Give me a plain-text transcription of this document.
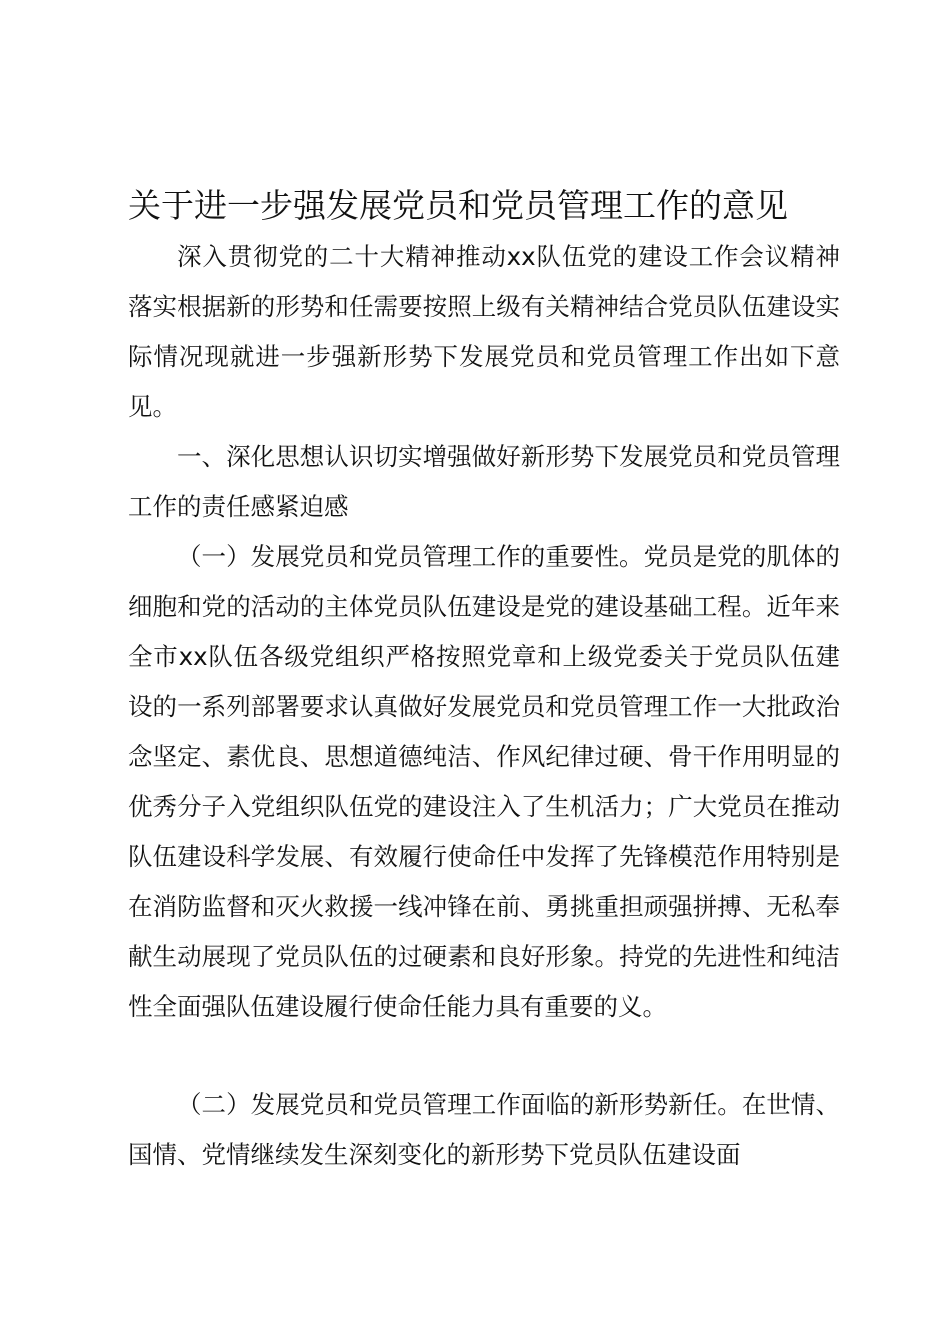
关于进一步强发展党员和党员管理工作的意见

深入贯彻党的二十大精神推动xx队伍党的建设工作会议精神落实根据新的形势和任需要按照上级有关精神结合党员队伍建设实际情况现就进一步强新形势下发展党员和党员管理工作出如下意见。

一、深化思想认识切实增强做好新形势下发展党员和党员管理工作的责任感紧迫感

（一）发展党员和党员管理工作的重要性。党员是党的肌体的细胞和党的活动的主体党员队伍建设是党的建设基础工程。近年来全市xx队伍各级党组织严格按照党章和上级党委关于党员队伍建设的一系列部署要求认真做好发展党员和党员管理工作一大批政治念坚定、素优良、思想道德纯洁、作风纪律过硬、骨干作用明显的优秀分子入党组织队伍党的建设注入了生机活力；广大党员在推动队伍建设科学发展、有效履行使命任中发挥了先锋模范作用特别是在消防监督和灭火救援一线冲锋在前、勇挑重担顽强拼搏、无私奉献生动展现了党员队伍的过硬素和良好形象。持党的先进性和纯洁性全面强队伍建设履行使命任能力具有重要的义。

（二）发展党员和党员管理工作面临的新形势新任。在世情、国情、党情继续发生深刻变化的新形势下党员队伍建设面
